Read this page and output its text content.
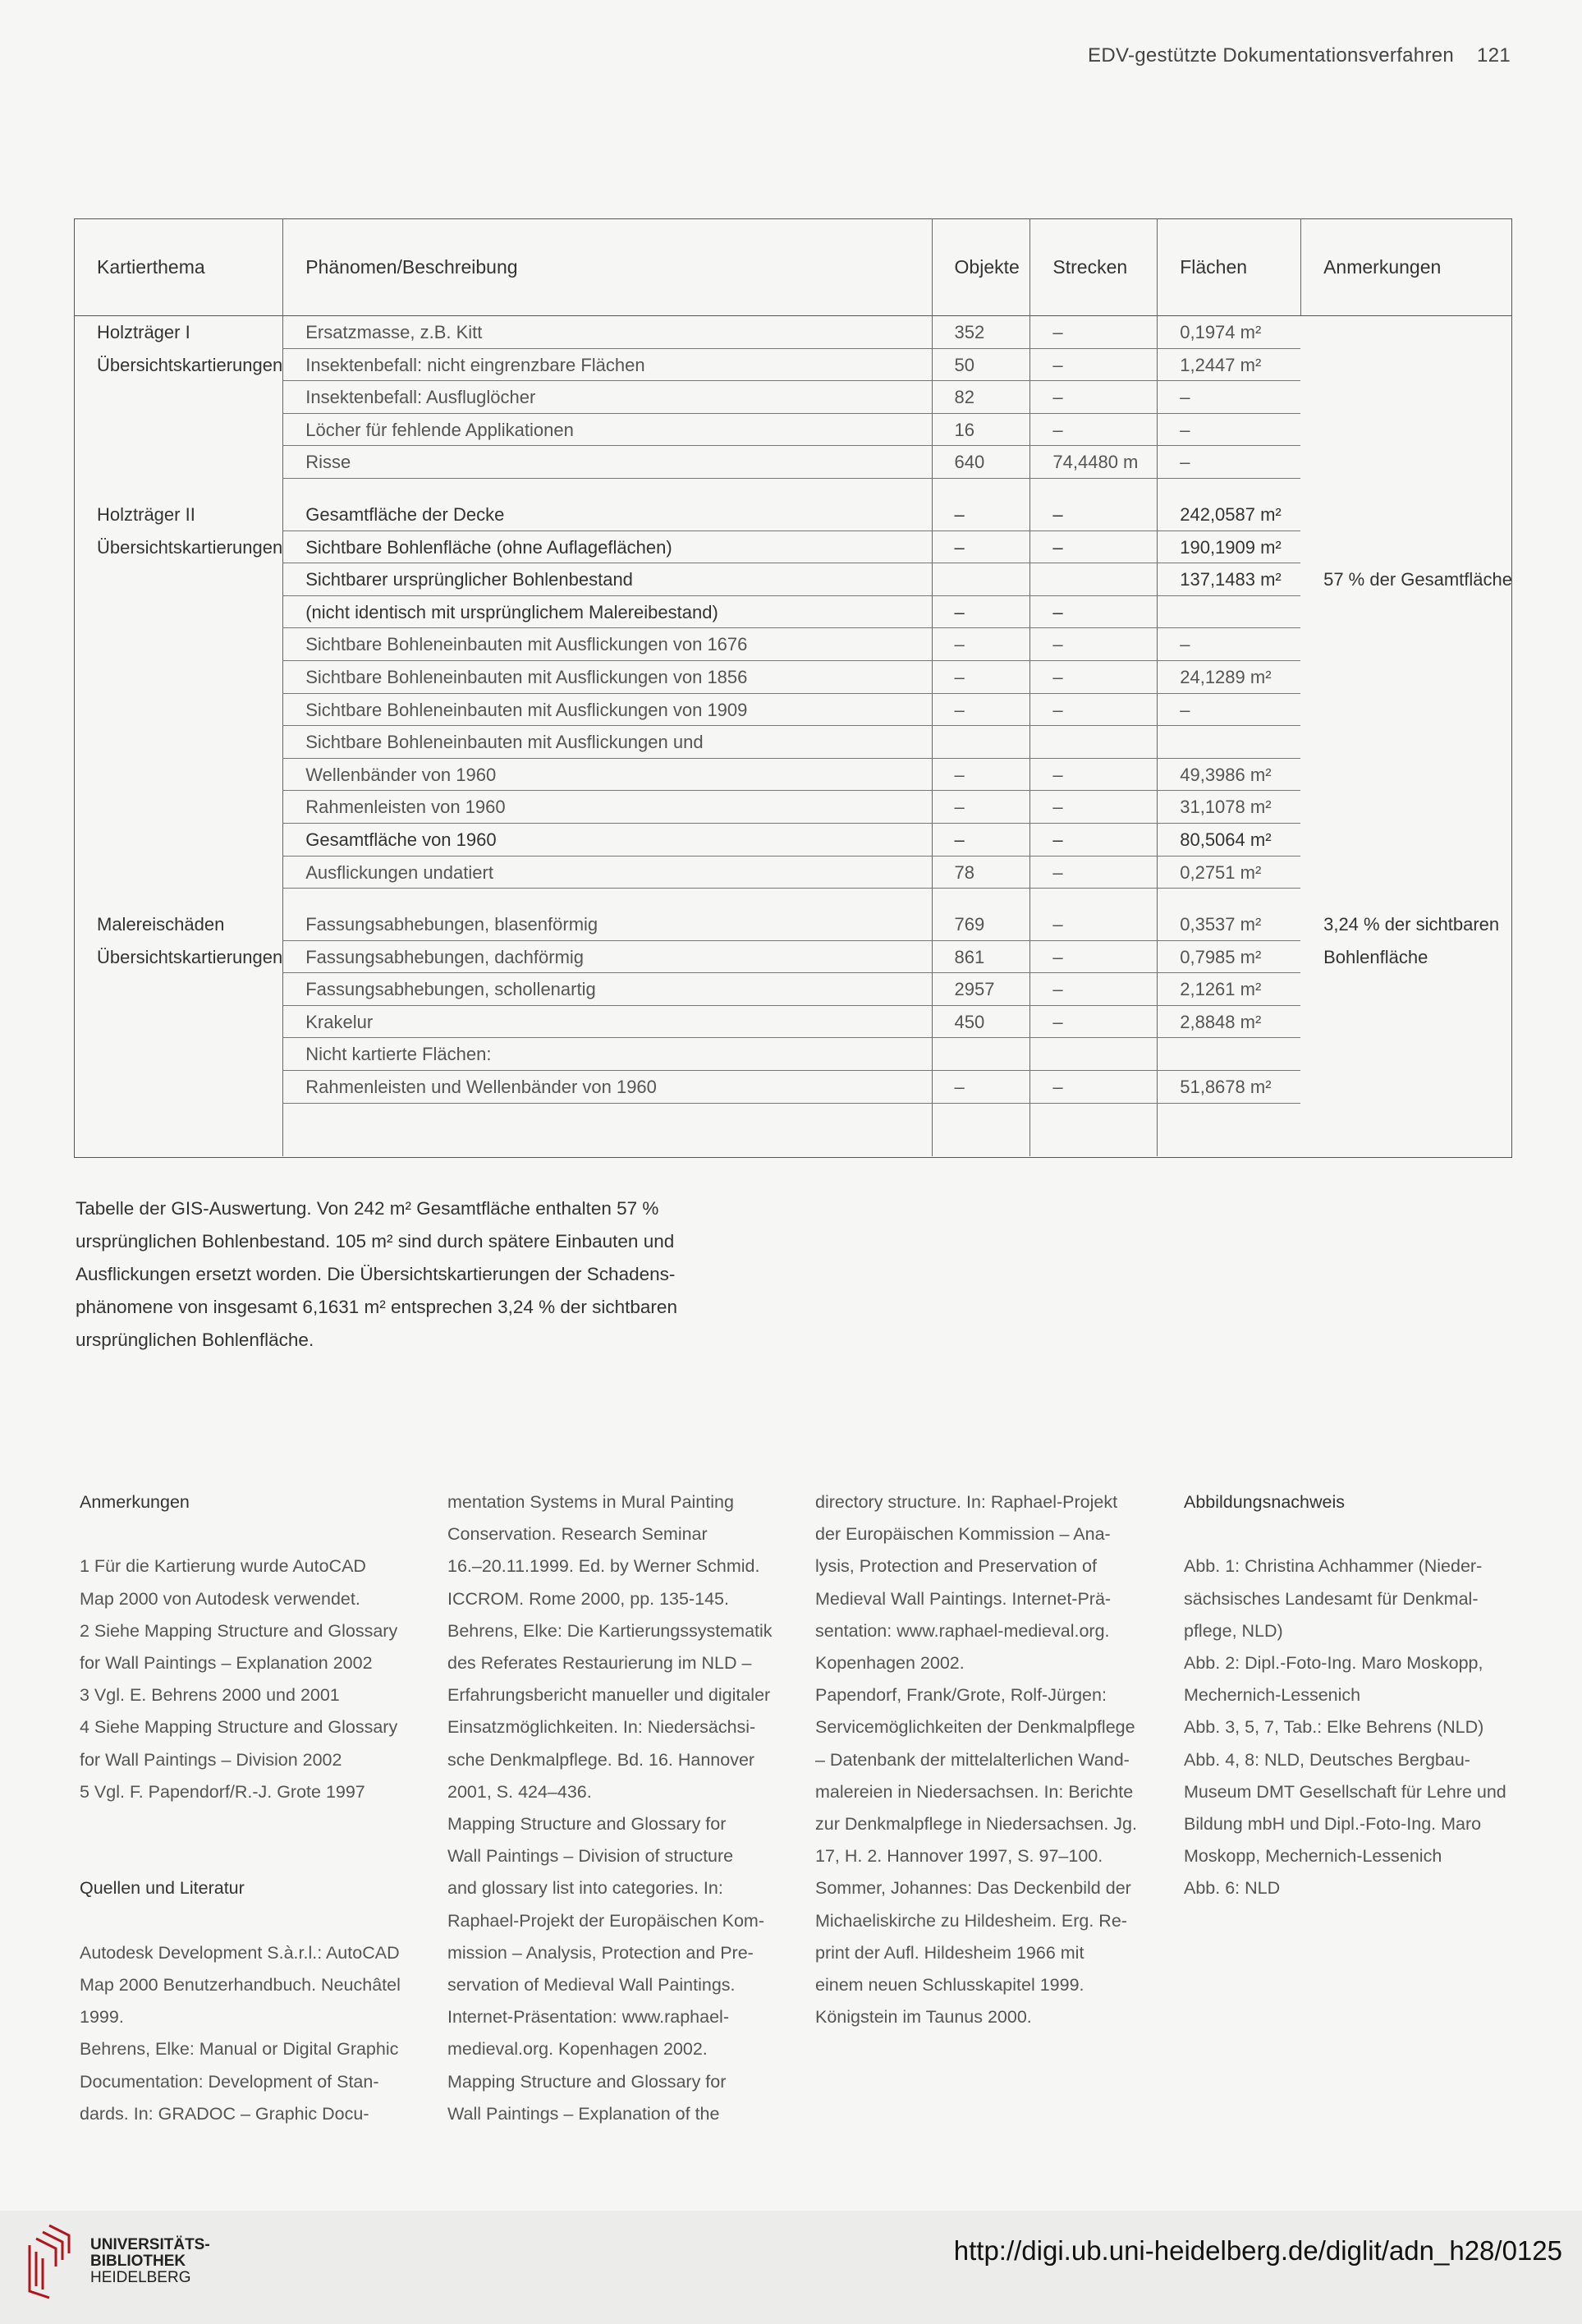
EDV-gestützte Dokumentationsverfahren 121
Kartierthema	Phänomen/Beschreibung	Objekte	Strecken	Flächen	Anmerkungen
Holzträger I	Ersatzmasse, z.B. Kitt	352	–	0,1974 m²	
Übersichtskartierungen	Insektenbefall: nicht eingrenzbare Flächen	50	–	1,2447 m²	
	Insektenbefall: Ausfluglöcher	82	–	–	
	Löcher für fehlende Applikationen	16	–	–	
	Risse	640	74,4480 m	–	

Holzträger II	Gesamtfläche der Decke	–	–	242,0587 m²	
Übersichtskartierungen	Sichtbare Bohlenfläche (ohne Auflageflächen)	–	–	190,1909 m²	
	Sichtbarer ursprünglicher Bohlenbestand			137,1483 m²	57 % der Gesamtfläche
	(nicht identisch mit ursprünglichem Malereibestand)	–	–		
	Sichtbare Bohleneinbauten mit Ausflickungen von 1676	–	–	–	
	Sichtbare Bohleneinbauten mit Ausflickungen von 1856	–	–	24,1289 m²	
	Sichtbare Bohleneinbauten mit Ausflickungen von 1909	–	–	–	
	Sichtbare Bohleneinbauten mit Ausflickungen und				
	Wellenbänder von 1960	–	–	49,3986 m²	
	Rahmenleisten von 1960	–	–	31,1078 m²	
	Gesamtfläche von 1960	–	–	80,5064 m²	
	Ausflickungen undatiert	78	–	0,2751 m²	

Malereischäden	Fassungsabhebungen, blasenförmig	769	–	0,3537 m²	3,24 % der sichtbaren
Übersichtskartierungen	Fassungsabhebungen, dachförmig	861	–	0,7985 m²	Bohlenfläche
	Fassungsabhebungen, schollenartig	2957	–	2,1261 m²	
	Krakelur	450	–	2,8848 m²	
	Nicht kartierte Flächen:				
	Rahmenleisten und Wellenbänder von 1960	–	–	51,8678 m²	
Tabelle der GIS-Auswertung. Von 242 m² Gesamtfläche enthalten 57 %
ursprünglichen Bohlenbestand. 105 m² sind durch spätere Einbauten und
Ausflickungen ersetzt worden. Die Übersichtskartierungen der Schadens-
phänomene von insgesamt 6,1631 m² entsprechen 3,24 % der sichtbaren
ursprünglichen Bohlenfläche.
Anmerkungen
1 Für die Kartierung wurde AutoCAD
Map 2000 von Autodesk verwendet.
2 Siehe Mapping Structure and Glossary
for Wall Paintings – Explanation 2002
3 Vgl. E. Behrens 2000 und 2001
4 Siehe Mapping Structure and Glossary
for Wall Paintings – Division 2002
5 Vgl. F. Papendorf/R.-J. Grote 1997
Quellen und Literatur
Autodesk Development S.à.r.l.: AutoCAD
Map 2000 Benutzerhandbuch. Neuchâtel
1999.
Behrens, Elke: Manual or Digital Graphic
Documentation: Development of Stan-
dards. In: GRADOC – Graphic Docu-
mentation Systems in Mural Painting
Conservation. Research Seminar
16.–20.11.1999. Ed. by Werner Schmid.
ICCROM. Rome 2000, pp. 135-145.
Behrens, Elke: Die Kartierungssystematik
des Referates Restaurierung im NLD –
Erfahrungsbericht manueller und digitaler
Einsatzmöglichkeiten. In: Niedersächsi-
sche Denkmalpflege. Bd. 16. Hannover
2001, S. 424–436.
Mapping Structure and Glossary for
Wall Paintings – Division of structure
and glossary list into categories. In:
Raphael-Projekt der Europäischen Kom-
mission – Analysis, Protection and Pre-
servation of Medieval Wall Paintings.
Internet-Präsentation: www.raphael-
medieval.org. Kopenhagen 2002.
Mapping Structure and Glossary for
Wall Paintings – Explanation of the
directory structure. In: Raphael-Projekt
der Europäischen Kommission – Ana-
lysis, Protection and Preservation of
Medieval Wall Paintings. Internet-Prä-
sentation: www.raphael-medieval.org.
Kopenhagen 2002.
Papendorf, Frank/Grote, Rolf-Jürgen:
Servicemöglichkeiten der Denkmalpflege
– Datenbank der mittelalterlichen Wand-
malereien in Niedersachsen. In: Berichte
zur Denkmalpflege in Niedersachsen. Jg.
17, H. 2. Hannover 1997, S. 97–100.
Sommer, Johannes: Das Deckenbild der
Michaeliskirche zu Hildesheim. Erg. Re-
print der Aufl. Hildesheim 1966 mit
einem neuen Schlusskapitel 1999.
Königstein im Taunus 2000.
Abbildungsnachweis
Abb. 1: Christina Achhammer (Nieder-
sächsisches Landesamt für Denkmal-
pflege, NLD)
Abb. 2: Dipl.-Foto-Ing. Maro Moskopp,
Mechernich-Lessenich
Abb. 3, 5, 7, Tab.: Elke Behrens (NLD)
Abb. 4, 8: NLD, Deutsches Bergbau-
Museum DMT Gesellschaft für Lehre und
Bildung mbH und Dipl.-Foto-Ing. Maro
Moskopp, Mechernich-Lessenich
Abb. 6: NLD
UNIVERSITÄTS-
BIBLIOTHEK
HEIDELBERG
http://digi.ub.uni-heidelberg.de/diglit/adn_h28/0125
